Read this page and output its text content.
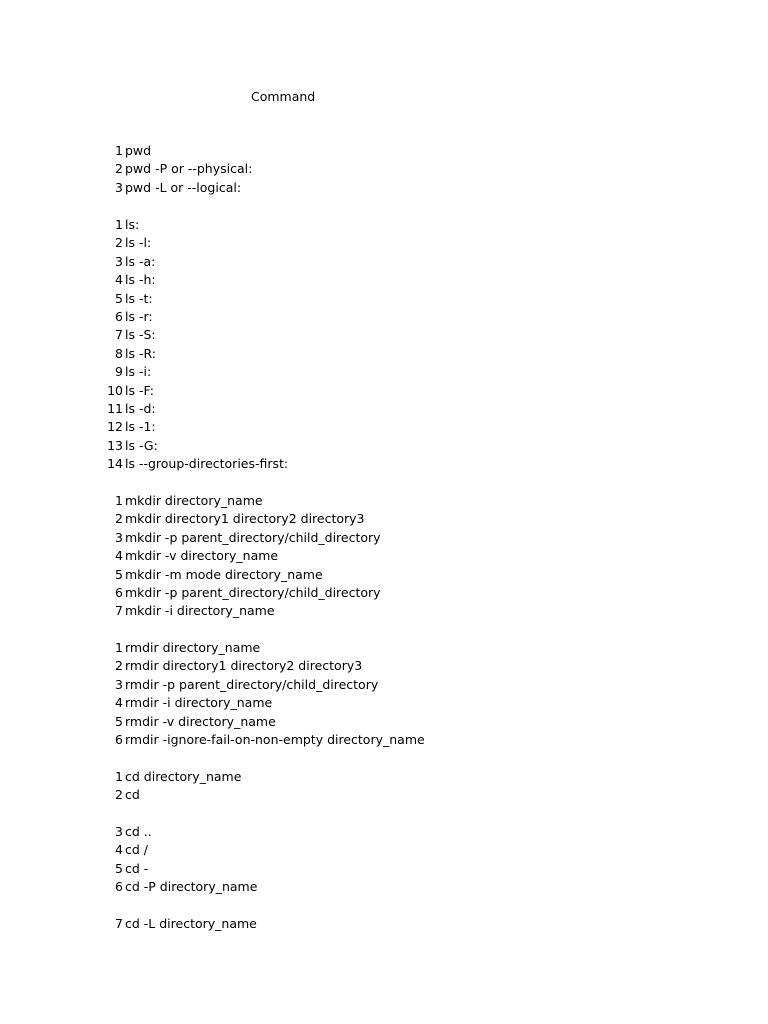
Command
1 pwd
2 pwd -P or --physical:
3 pwd -L or --logical:
1 ls:
2 ls -l:
3 ls -a:
4 ls -h:
5 ls -t:
6 ls -r:
7 ls -S:
8 ls -R:
9 ls -i:
10 ls -F:
11 ls -d:
12 ls -1:
13 ls -G:
14 ls --group-directories-first:
1 mkdir directory_name
2 mkdir directory1 directory2 directory3
3 mkdir -p parent_directory/child_directory
4 mkdir -v directory_name
5 mkdir -m mode directory_name
6 mkdir -p parent_directory/child_directory
7 mkdir -i directory_name
1 rmdir directory_name
2 rmdir directory1 directory2 directory3
3 rmdir -p parent_directory/child_directory
4 rmdir -i directory_name
5 rmdir -v directory_name
6 rmdir -ignore-fail-on-non-empty directory_name
1 cd directory_name
2 cd
3 cd ..
4 cd /
5 cd -
6 cd -P directory_name
7 cd -L directory_name
